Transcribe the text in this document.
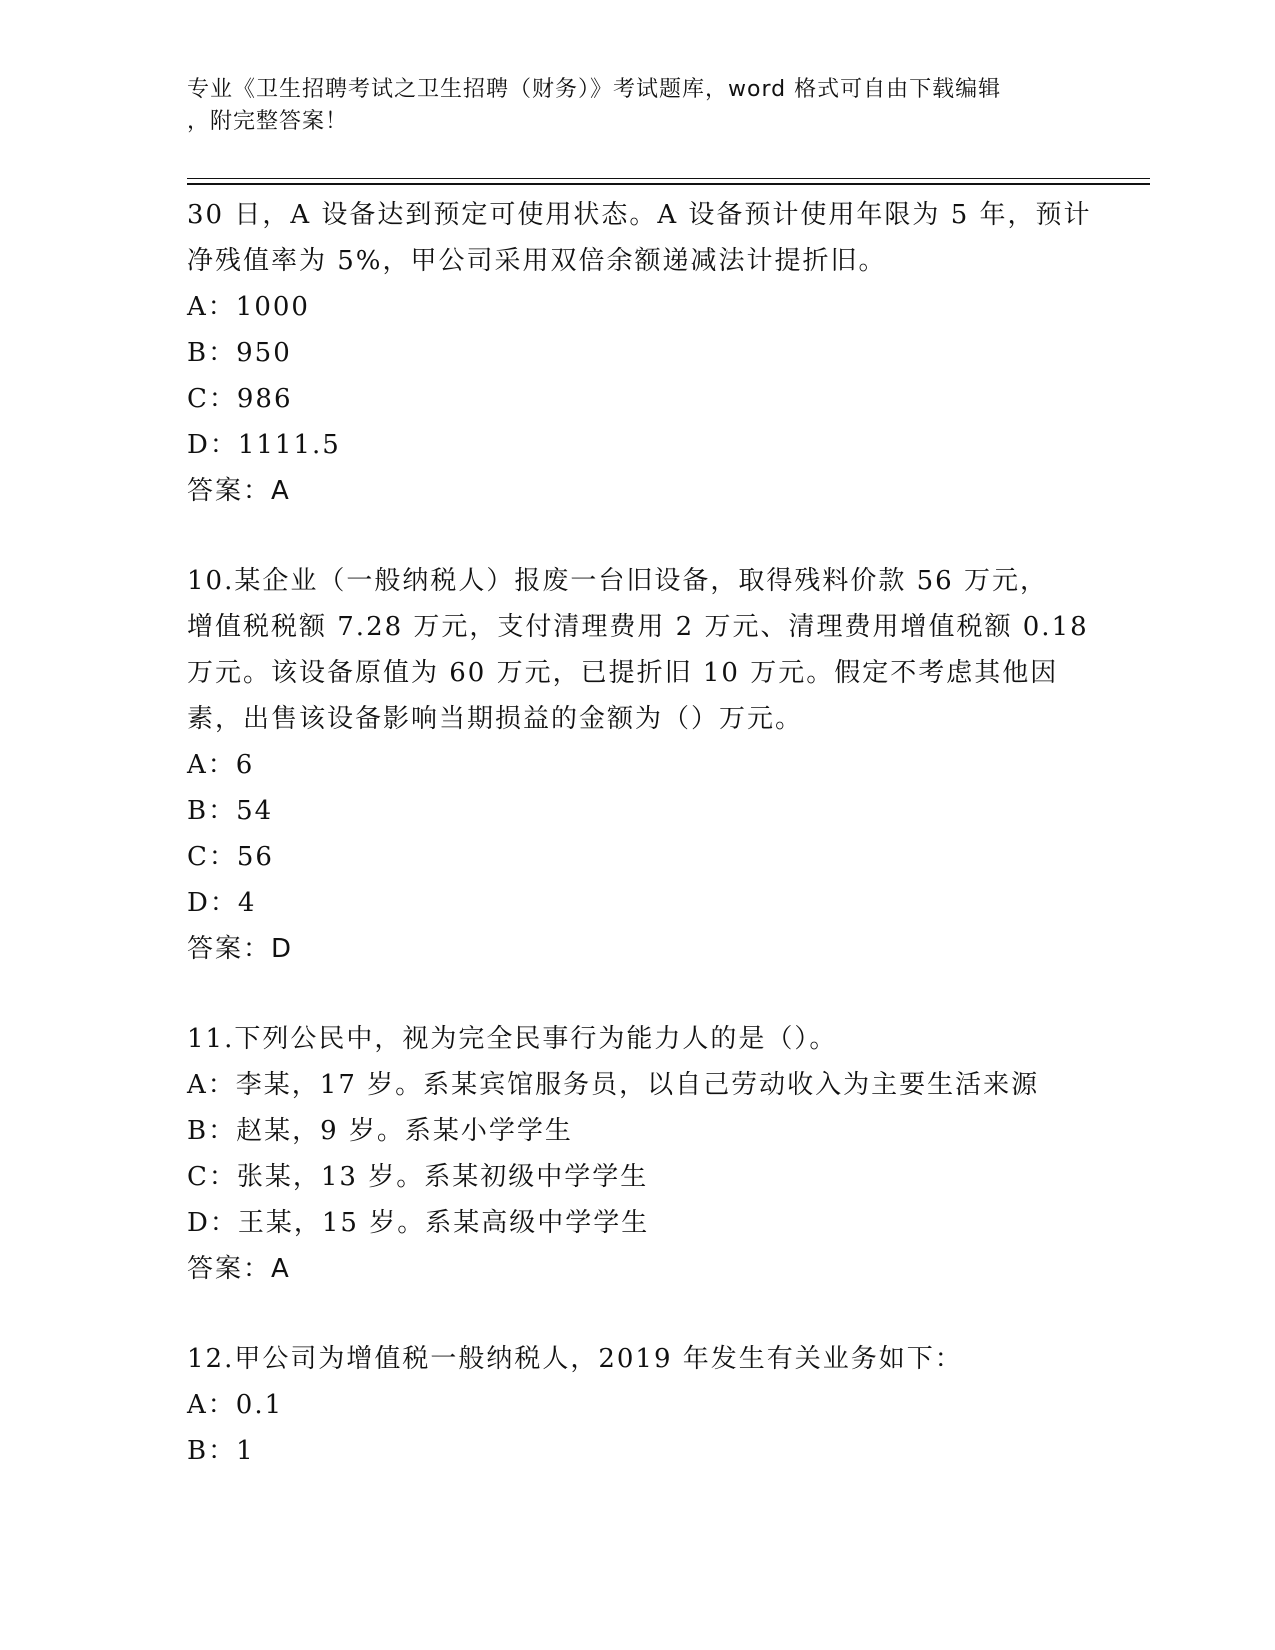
专业《卫生招聘考试之卫生招聘（财务）》考试题库，word 格式可自由下载编辑
，附完整答案！
30 日，A 设备达到预定可使用状态。A 设备预计使用年限为 5 年，预计
净残值率为 5%，甲公司采用双倍余额递减法计提折旧。
A：1000
B：950
C：986
D：1111.5
答案：A
10.某企业（一般纳税人）报废一台旧设备，取得残料价款 56 万元，
增值税税额 7.28 万元，支付清理费用 2 万元、清理费用增值税额 0.18
万元。该设备原值为 60 万元，已提折旧 10 万元。假定不考虑其他因
素，出售该设备影响当期损益的金额为（）万元。
A：6
B：54
C：56
D：4
答案：D
11.下列公民中，视为完全民事行为能力人的是（）。
A：李某，17 岁。系某宾馆服务员，以自己劳动收入为主要生活来源
B：赵某，9 岁。系某小学学生
C：张某，13 岁。系某初级中学学生
D：王某，15 岁。系某高级中学学生
答案：A
12.甲公司为增值税一般纳税人，2019 年发生有关业务如下：
A：0.1
B：1
